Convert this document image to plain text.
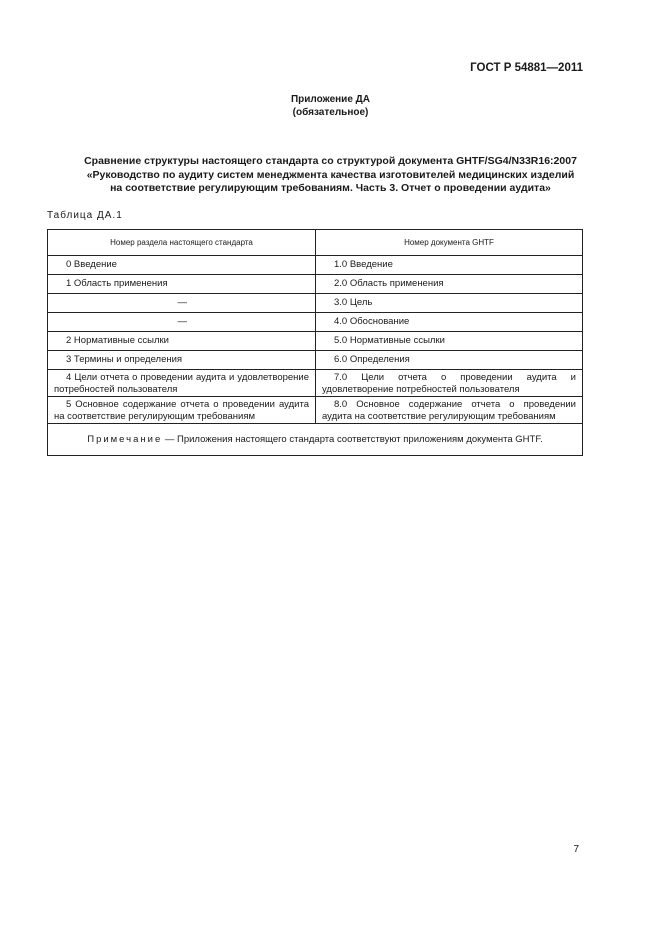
ГОСТ Р 54881—2011
Приложение ДА
(обязательное)
Сравнение структуры настоящего стандарта со структурой документа GHTF/SG4/N33R16:2007
«Руководство по аудиту систем менеджмента качества изготовителей медицинских изделий
на соответствие регулирующим требованиям. Часть 3. Отчет о проведении аудита»
Таблица ДА.1
Номер раздела настоящего стандарта	Номер документа GHTF

0 Введение	1.0 Введение

1 Область применения	2.0 Область применения

—	3.0 Цель

—	4.0 Обоснование

2 Нормативные ссылки	5.0 Нормативные ссылки

3 Термины и определения	6.0 Определения

4 Цели отчета о проведении аудита и удовлетворение потребностей пользователя	7.0 Цели отчета о проведении аудита и удовлетворение потребностей пользователя

5 Основное содержание отчета о проведении аудита на соответствие регулирующим требованиям	8.0 Основное содержание отчета о проведении аудита на соответствие регулирующим требованиям

Примечание — Приложения настоящего стандарта соответствуют приложениям документа GHTF.	
7
